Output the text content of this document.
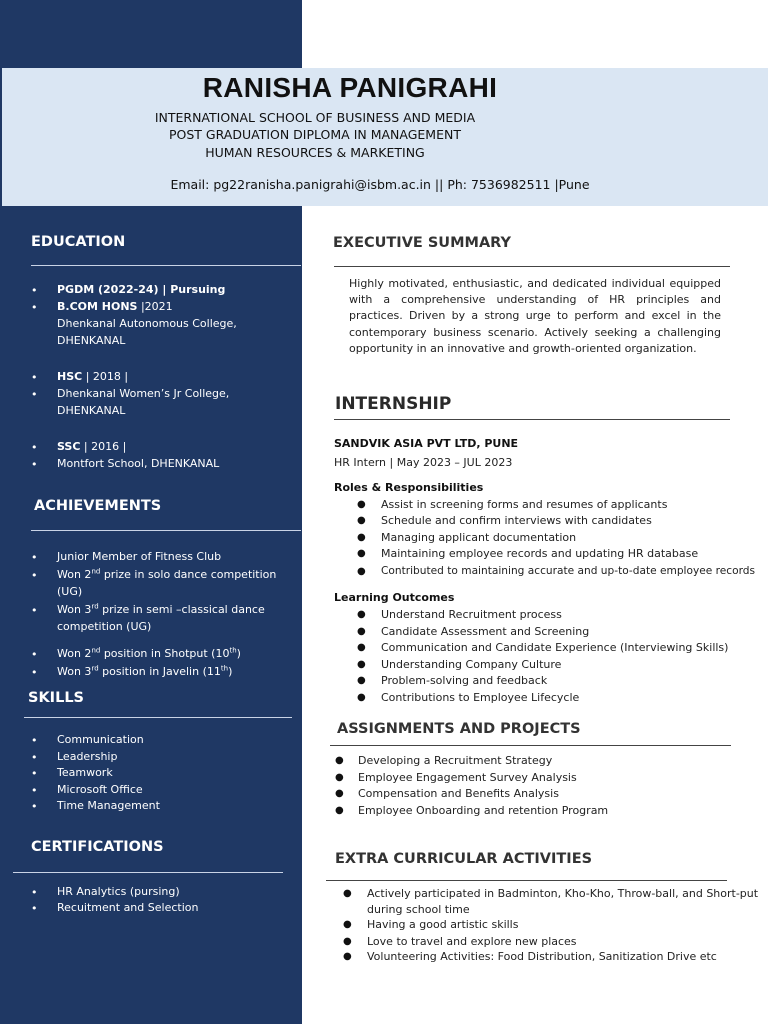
RANISHA PANIGRAHI
INTERNATIONAL SCHOOL OF BUSINESS AND MEDIA
POST GRADUATION DIPLOMA IN MANAGEMENT
HUMAN RESOURCES & MARKETING
Email: pg22ranisha.panigrahi@isbm.ac.in || Ph: 7536982511 |Pune
EDUCATION
• PGDM (2022-24) | Pursuing
• B.COM HONS |2021
Dhenkanal Autonomous College,
DHENKANAL
• HSC | 2018 |
• Dhenkanal Women’s Jr College,
DHENKANAL
• SSC | 2016 |
• Montfort School, DHENKANAL
ACHIEVEMENTS
• Junior Member of Fitness Club
• Won 2nd prize in solo dance competition
(UG)
• Won 3rd prize in semi –classical dance
competition (UG)
• Won 2nd position in Shotput (10th)
• Won 3rd position in Javelin (11th)
SKILLS
• Communication
• Leadership
• Teamwork
• Microsoft Office
• Time Management
CERTIFICATIONS
• HR Analytics (pursing)
• Recuitment and Selection
EXECUTIVE SUMMARY
Highly motivated, enthusiastic, and dedicated individual equipped with a comprehensive understanding of HR principles and practices. Driven by a strong urge to perform and excel in the contemporary business scenario. Actively seeking a challenging opportunity in an innovative and growth-oriented organization.
INTERNSHIP
SANDVIK ASIA PVT LTD, PUNE
HR Intern | May 2023 – JUL 2023
Roles & Responsibilities
● Assist in screening forms and resumes of applicants
● Schedule and confirm interviews with candidates
● Managing applicant documentation
● Maintaining employee records and updating HR database
● Contributed to maintaining accurate and up-to-date employee records
Learning Outcomes
● Understand Recruitment process
● Candidate Assessment and Screening
● Communication and Candidate Experience (Interviewing Skills)
● Understanding Company Culture
● Problem-solving and feedback
● Contributions to Employee Lifecycle
ASSIGNMENTS AND PROJECTS
● Developing a Recruitment Strategy
● Employee Engagement Survey Analysis
● Compensation and Benefits Analysis
● Employee Onboarding and retention Program
EXTRA CURRICULAR ACTIVITIES
● Actively participated in Badminton, Kho-Kho, Throw-ball, and Short-put
during school time
● Having a good artistic skills
● Love to travel and explore new places
● Volunteering Activities: Food Distribution, Sanitization Drive etc
